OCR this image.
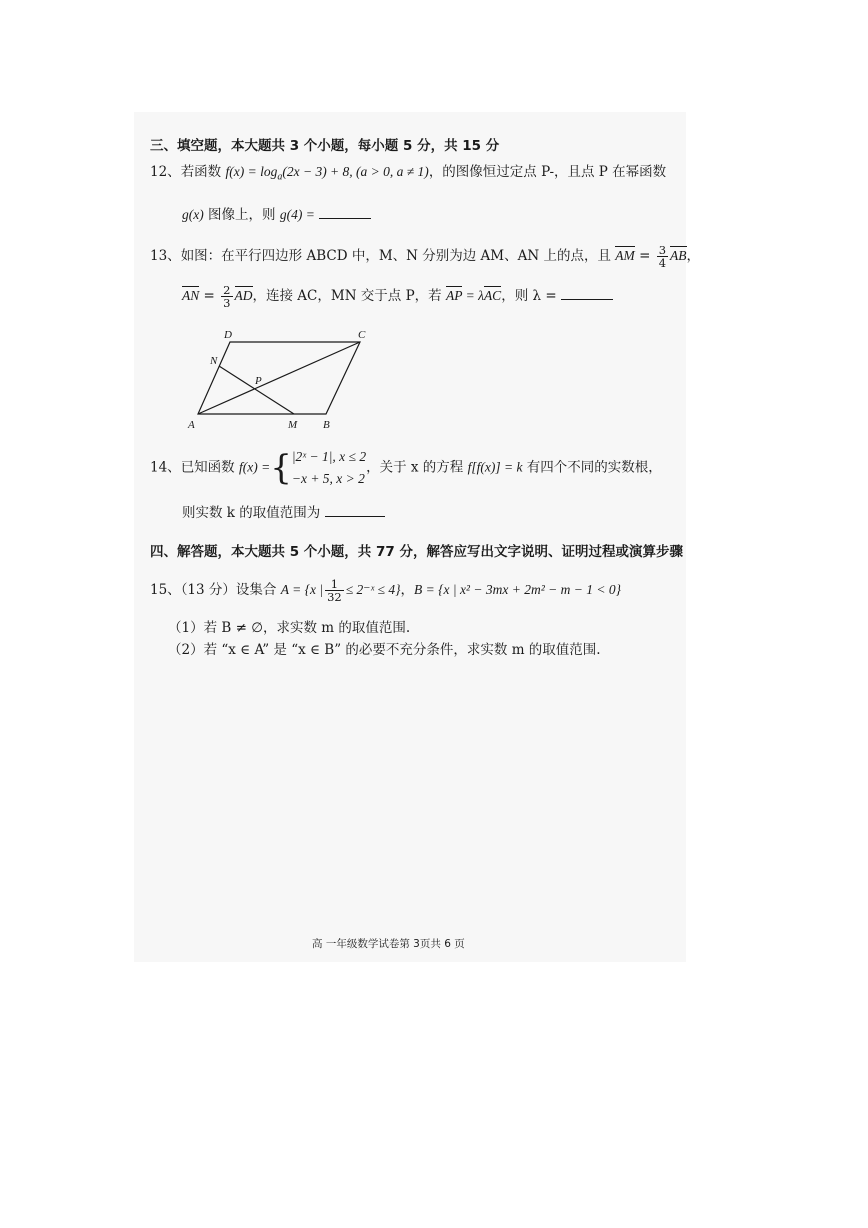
三、填空题，本大题共 3 个小题，每小题 5 分，共 15 分
12、若函数 $f(x) = \log_a(2x - 3) + 8$, (a > 0, a ≠ 1)，的图像恒过定点 P-，且点 P 在幂函数
g(x) 图像上，则 g(4) =
13、如图：在平行四边形 ABCD 中，M、N 分别为边 AM、AN 上的点，且 AM = $\frac{3}{4}$ AB，
AN = $\frac{2}{3}$ AD，连接 AC，MN 交于点 P，若 AP = λAC，则 λ =
D	C
A	B
M
N
P
14、已知函数 f(x) ={ |2ˣ − 1|, x ≤ 2
−x + 5, x > 2
，关于 x 的方程 f[f(x)] = k 有四个不同的实数根，
则实数 k 的取值范围为
四、解答题，本大题共 5 个小题，共 77 分，解答应写出文字说明、证明过程或演算步骤
15、（13 分）设集合 A = {x | $\frac{1}{32}$ ≤ 2⁻ˣ ≤ 4}，B = {x | x² − 3mx + 2m² − m − 1 < 0}
（1）若 B ≠ ∅，求实数 m 的取值范围.
（2）若 “x ∈ A” 是 “x ∈ B” 的必要不充分条件，求实数 m 的取值范围.
高 一年级数学试卷第 3页共 6 页
